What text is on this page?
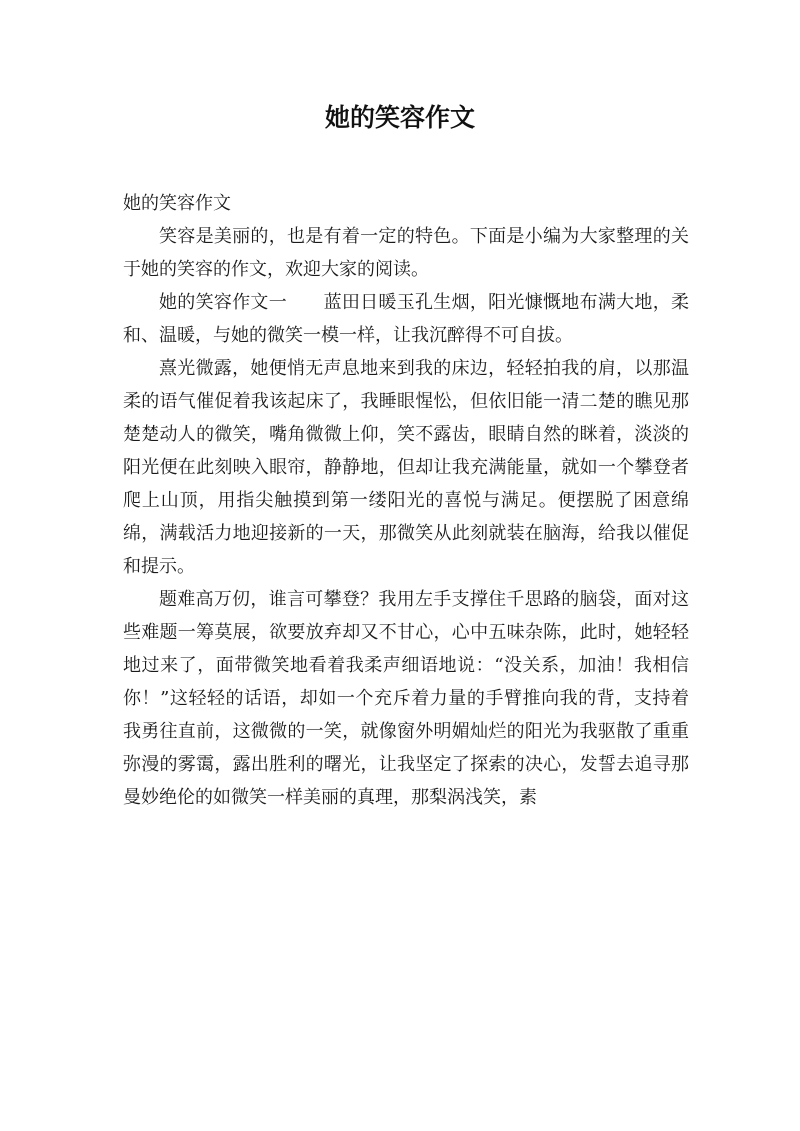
她的笑容作文

她的笑容作文

笑容是美丽的，也是有着一定的特色。下面是小编为大家整理的关于她的笑容的作文，欢迎大家的阅读。

她的笑容作文一　　蓝田日暖玉孔生烟，阳光慷慨地布满大地，柔和、温暖，与她的微笑一模一样，让我沉醉得不可自拔。

熹光微露，她便悄无声息地来到我的床边，轻轻拍我的肩，以那温柔的语气催促着我该起床了，我睡眼惺忪，但依旧能一清二楚的瞧见那楚楚动人的微笑，嘴角微微上仰，笑不露齿，眼睛自然的眯着，淡淡的阳光便在此刻映入眼帘，静静地，但却让我充满能量，就如一个攀登者爬上山顶，用指尖触摸到第一缕阳光的喜悦与满足。便摆脱了困意绵绵，满载活力地迎接新的一天，那微笑从此刻就装在脑海，给我以催促和提示。

题难高万仞，谁言可攀登？我用左手支撑住千思路的脑袋，面对这些难题一筹莫展，欲要放弃却又不甘心，心中五味杂陈，此时，她轻轻地过来了，面带微笑地看着我柔声细语地说：“没关系，加油！我相信你！”这轻轻的话语，却如一个充斥着力量的手臂推向我的背，支持着我勇往直前，这微微的一笑，就像窗外明媚灿烂的阳光为我驱散了重重弥漫的雾霭，露出胜利的曙光，让我坚定了探索的决心，发誓去追寻那曼妙绝伦的如微笑一样美丽的真理，那梨涡浅笑，素
